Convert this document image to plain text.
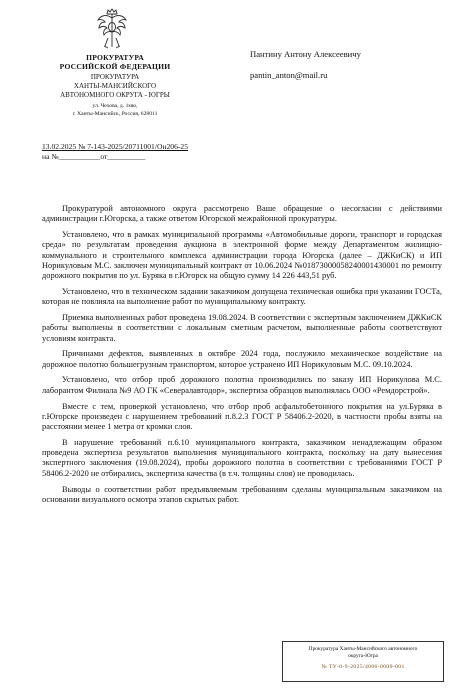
ПРОКУРАТУРА
РОССИЙСКОЙ ФЕДЕРАЦИИ
ПРОКУРАТУРА
ХАНТЫ-МАНСИЙСКОГО
АВТОНОМНОГО ОКРУГА - ЮГРЫ
ул. Чехова, д. 1мю,
г. Ханты-Мансийск, Россия, 628011
13.02.2025 № 7-143-2025/20711001/Он206-25
на №___________от__________
Пантину Антону Алексеевичу
pantin_anton@mail.ru

Прокуратурой автономного округа рассмотрено Ваше обращение о несогласии с действиями администрации г.Югорска, а также ответом Югорской межрайонной прокуратуры.

Установлено, что в рамках муниципальной программы «Автомобильные дороги, транспорт и городская среда» по результатам проведения аукциона в электронной форме между Департаментом жилищно-коммунального и строительного комплекса администрации города Югорска (далее – ДЖКиСК) и ИП Норикуловым М.С. заключен муниципальный контракт от 10.06.2024 №0187300005824000143000​1 по ремонту дорожного покрытия по ул. Буряка в г.Югорск на общую сумму 14 226 443,51 руб.

Установлено, что в техническом задании заказчиком допущена техническая ошибка при указании ГОСТа, которая не повлияла на выполнение работ по муниципальному контракту.

Приемка выполненных работ проведена 19.08.2024. В соответствии с экспертным заключением ДЖКиСК работы выполнены в соответствии с локальным сметным расчетом, выполненные работы соответствуют условиям контракта.

Причинами дефектов, выявленных в октябре 2024 года, послужило механическое воздействие на дорожное полотно большегрузным транспортом, которое устранено ИП Норикуловым М.С. 09.10.2024.

Установлено, что отбор проб дорожного полотна производились по заказу ИП Норикулова М.С. лаборантом Филиала №9 АО ГК «Севералавтодор», экспертиза образцов выполнялась ООО «Ремдорстрой».

Вместе с тем, проверкой установлено, что отбор проб асфальтобетонного покрытия на ул.Буряка в г.Югорске произведен с нарушением требований п.8.2.3 ГОСТ Р 58406.2-2020, в частности пробы взяты на расстоянии менее 1 метра от кромки слоя.

В нарушение требований п.6.10 муниципального контракта, заказчиком ненадлежащим образом проведена экспертиза результатов выполнения муниципального контракта, поскольку на дату вынесения экспертного заключения (19.08.2024), пробы дорожного полотна в соответствии с требованиями ГОСТ Р 58406.2-2020 не отбирались, экспертиза качества (в т.ч. толщины слоя) не проводилась.

Выводы о соответствии работ предъявляемым требованиям сделаны муниципальным заказчиком на основании визуального осмотра этапов скрытых работ.

Прокуратура Ханты-Мансийского автономного
округа-Югра
№ ТУ-0-9-2025/4006-0000-001
